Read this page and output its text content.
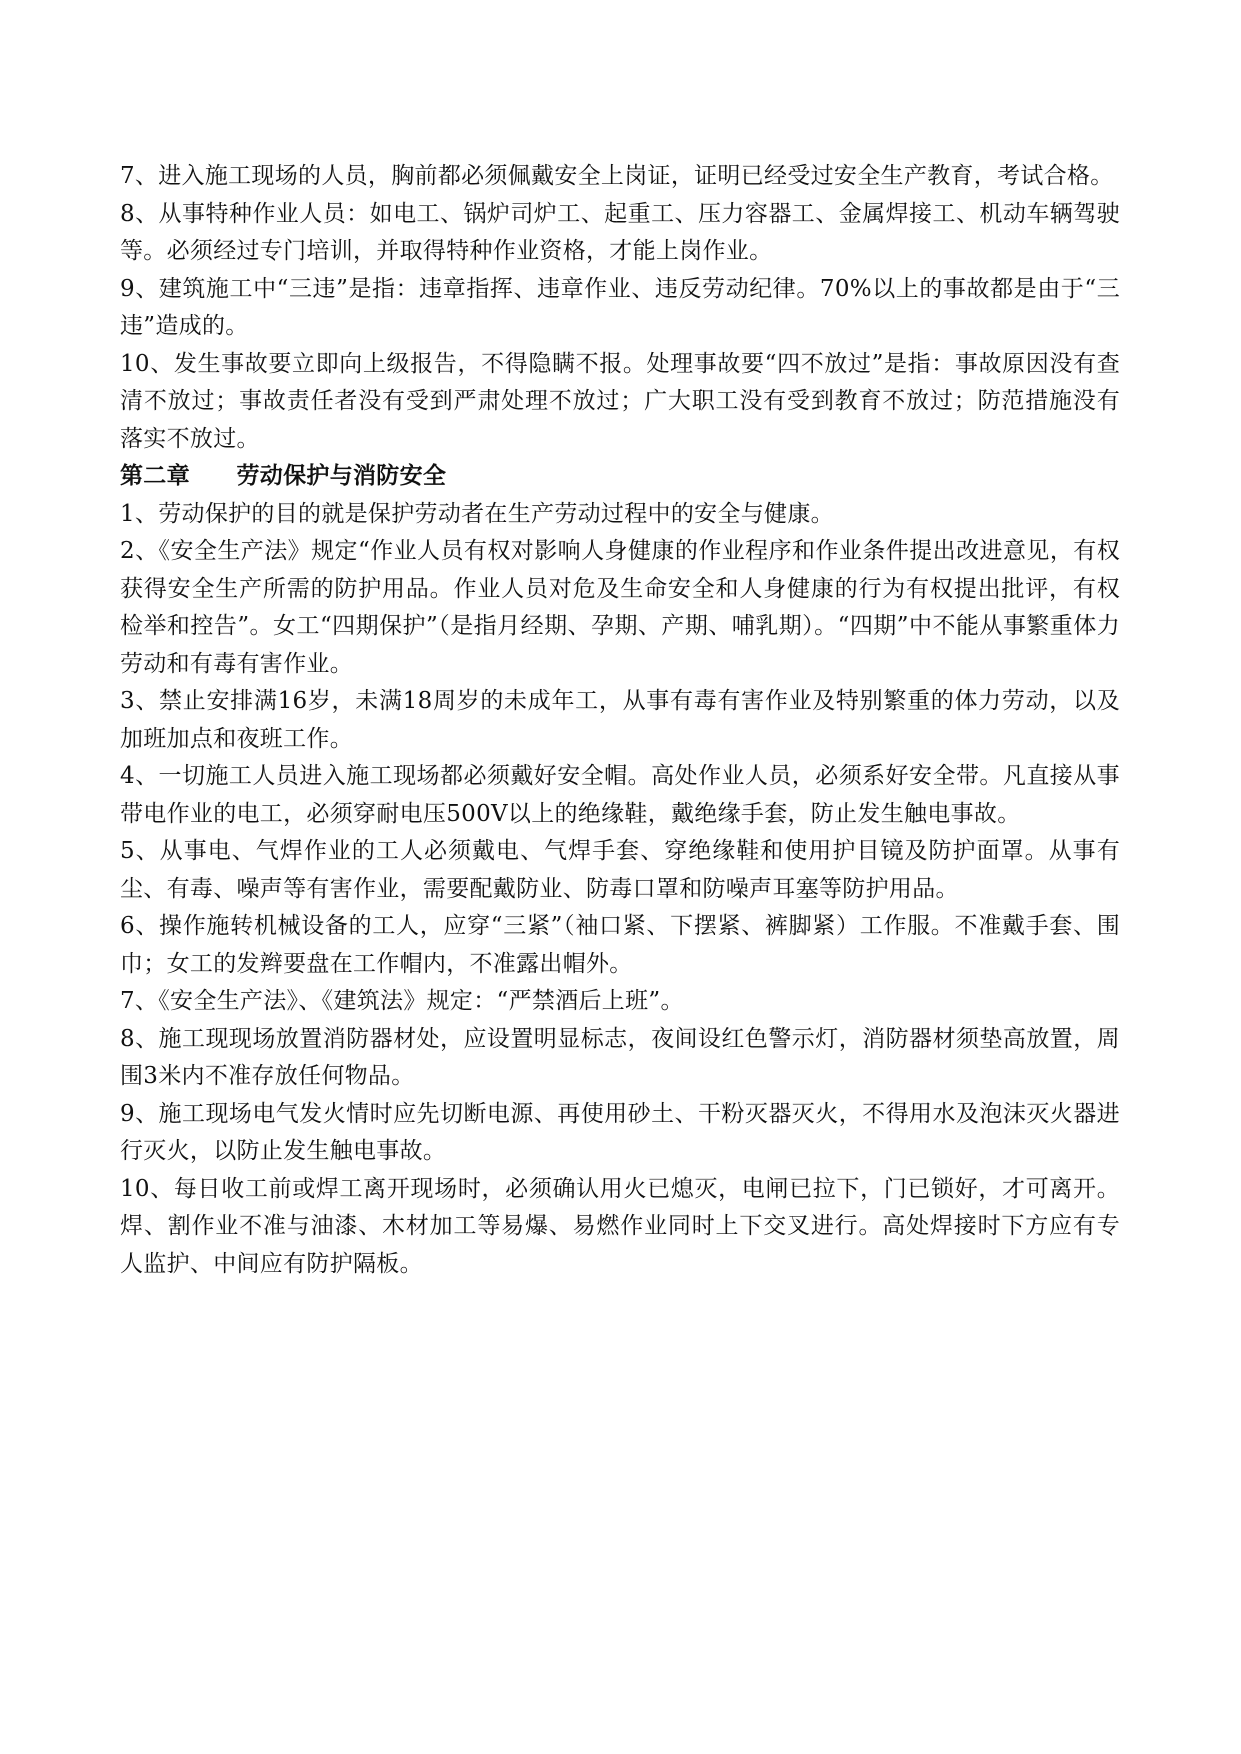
7、进入施工现场的人员，胸前都必须佩戴安全上岗证，证明已经受过安全生产教育，考试合格。

8、从事特种作业人员：如电工、锅炉司炉工、起重工、压力容器工、金属焊接工、机动车辆驾驶等。必须经过专门培训，并取得特种作业资格，才能上岗作业。

9、建筑施工中“三违”是指：违章指挥、违章作业、违反劳动纪律。70%以上的事故都是由于“三违”造成的。

10、发生事故要立即向上级报告，不得隐瞒不报。处理事故要“四不放过”是指：事故原因没有查清不放过；事故责任者没有受到严肃处理不放过；广大职工没有受到教育不放过；防范措施没有落实不放过。

第二章　　劳动保护与消防安全

1、劳动保护的目的就是保护劳动者在生产劳动过程中的安全与健康。

2、《安全生产法》规定“作业人员有权对影响人身健康的作业程序和作业条件提出改进意见，有权获得安全生产所需的防护用品。作业人员对危及生命安全和人身健康的行为有权提出批评，有权检举和控告”。女工“四期保护”（是指月经期、孕期、产期、哺乳期）。“四期”中不能从事繁重体力劳动和有毒有害作业。

3、禁止安排满16岁，未满18周岁的未成年工，从事有毒有害作业及特别繁重的体力劳动，以及加班加点和夜班工作。

4、一切施工人员进入施工现场都必须戴好安全帽。高处作业人员，必须系好安全带。凡直接从事带电作业的电工，必须穿耐电压500V以上的绝缘鞋，戴绝缘手套，防止发生触电事故。

5、从事电、气焊作业的工人必须戴电、气焊手套、穿绝缘鞋和使用护目镜及防护面罩。从事有尘、有毒、噪声等有害作业，需要配戴防业、防毒口罩和防噪声耳塞等防护用品。

6、操作施转机械设备的工人，应穿“三紧”（袖口紧、下摆紧、裤脚紧）工作服。不准戴手套、围巾；女工的发辫要盘在工作帽内，不准露出帽外。

7、《安全生产法》、《建筑法》规定：“严禁酒后上班”。

8、施工现现场放置消防器材处，应设置明显标志，夜间设红色警示灯，消防器材须垫高放置，周围3米内不准存放任何物品。

9、施工现场电气发火情时应先切断电源、再使用砂土、干粉灭器灭火，不得用水及泡沫灭火器进行灭火，以防止发生触电事故。

10、每日收工前或焊工离开现场时，必须确认用火已熄灭，电闸已拉下，门已锁好，才可离开。焊、割作业不准与油漆、木材加工等易爆、易燃作业同时上下交叉进行。高处焊接时下方应有专人监护、中间应有防护隔板。
